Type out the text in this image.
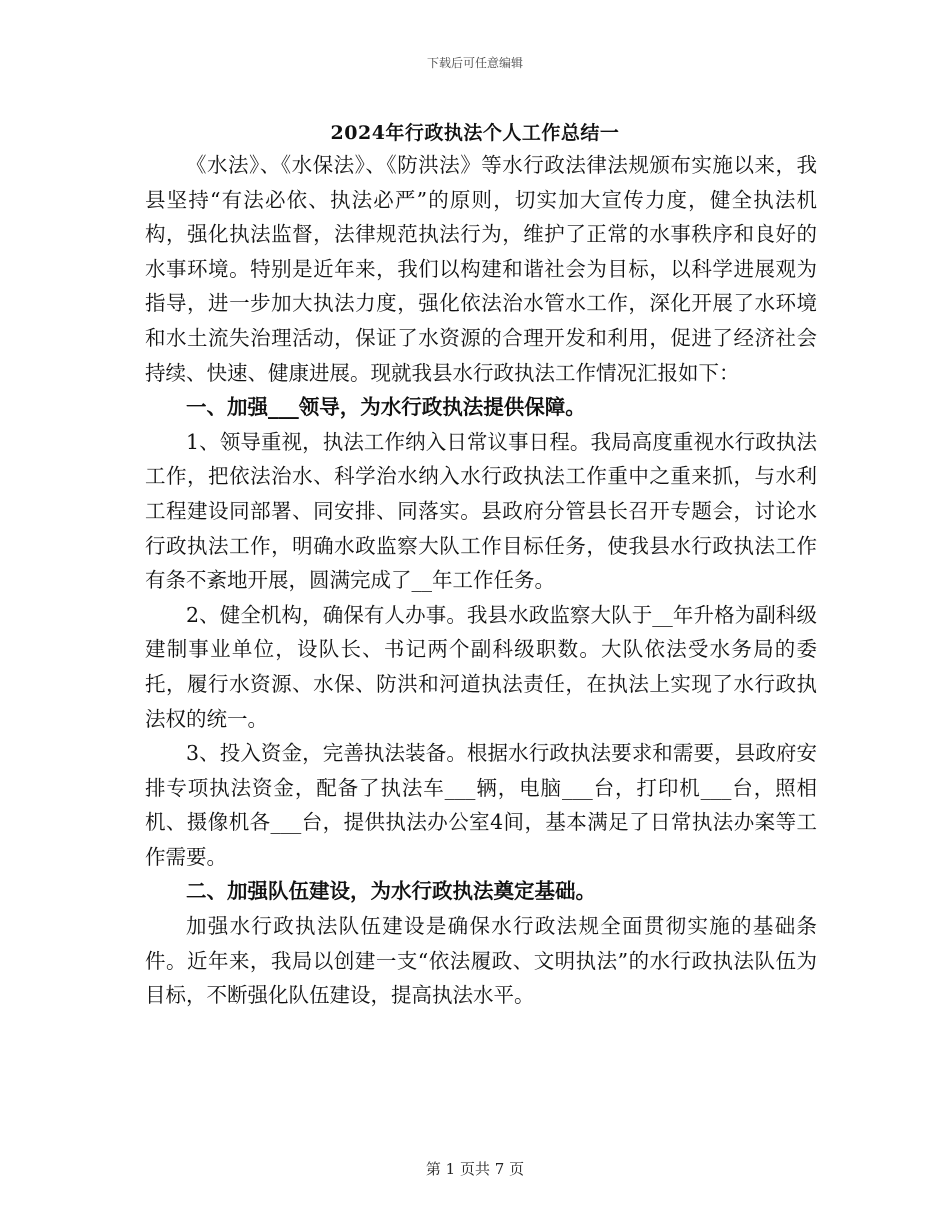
下载后可任意编辑
2024年行政执法个人工作总结一

《水法》、《水保法》、《防洪法》等水行政法律法规颁布实施以来，我县坚持“有法必依、执法必严”的原则，切实加大宣传力度，健全执法机构，强化执法监督，法律规范执法行为，维护了正常的水事秩序和良好的水事环境。特别是近年来，我们以构建和谐社会为目标，以科学进展观为指导，进一步加大执法力度，强化依法治水管水工作，深化开展了水环境和水土流失治理活动，保证了水资源的合理开发和利用，促进了经济社会持续、快速、健康进展。现就我县水行政执法工作情况汇报如下：

一、加强___领导，为水行政执法提供保障。

1、领导重视，执法工作纳入日常议事日程。我局高度重视水行政执法工作，把依法治水、科学治水纳入水行政执法工作重中之重来抓，与水利工程建设同部署、同安排、同落实。县政府分管县长召开专题会，讨论水行政执法工作，明确水政监察大队工作目标任务，使我县水行政执法工作有条不紊地开展，圆满完成了__年工作任务。

2、健全机构，确保有人办事。我县水政监察大队于__年升格为副科级建制事业单位，设队长、书记两个副科级职数。大队依法受水务局的委托，履行水资源、水保、防洪和河道执法责任，在执法上实现了水行政执法权的统一。

3、投入资金，完善执法装备。根据水行政执法要求和需要，县政府安排专项执法资金，配备了执法车___辆，电脑___台，打印机___台，照相机、摄像机各___台，提供执法办公室4间，基本满足了日常执法办案等工作需要。

二、加强队伍建设，为水行政执法奠定基础。

加强水行政执法队伍建设是确保水行政法规全面贯彻实施的基础条件。近年来，我局以创建一支“依法履政、文明执法”的水行政执法队伍为目标，不断强化队伍建设，提高执法水平。

第 1 页共 7 页
